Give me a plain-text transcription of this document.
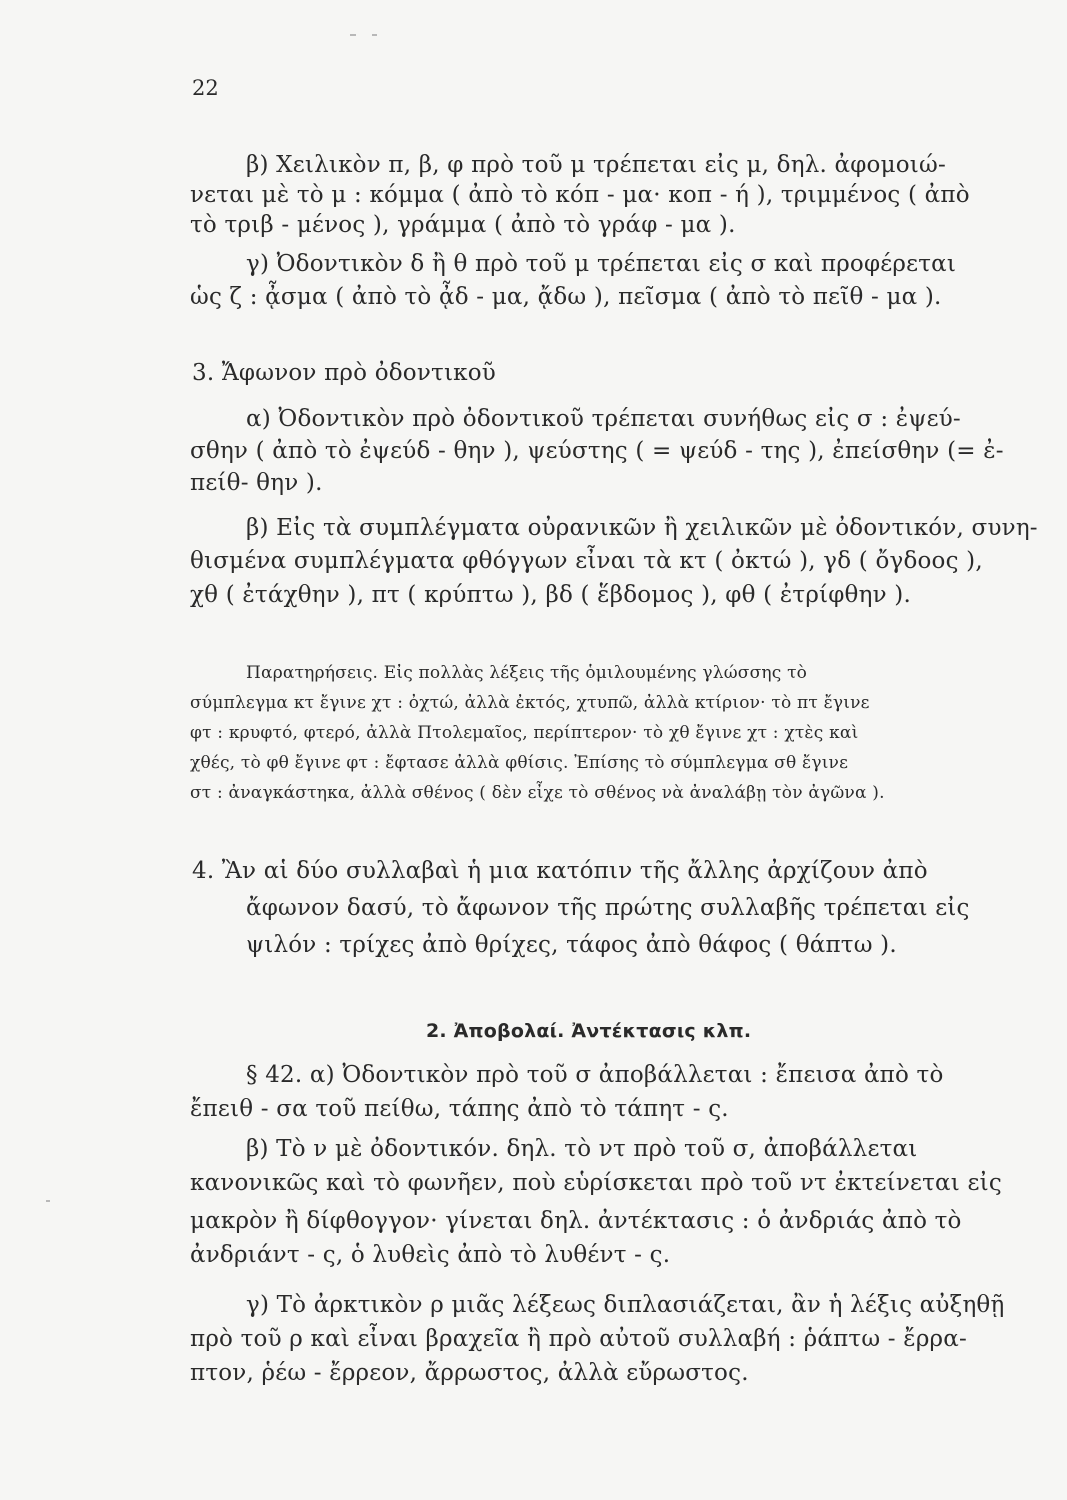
22
β) Χειλικὸν π, β, φ πρὸ τοῦ μ τρέπεται εἰς μ, δηλ. ἀφομοιώ-
νεται μὲ τὸ μ : κόμμα ( ἀπὸ τὸ κόπ - μα· κοπ - ή ), τριμμένος ( ἀπὸ
τὸ τριβ - μένος ), γράμμα ( ἀπὸ τὸ γράφ - μα ).
γ) Ὀδοντικὸν δ ἢ θ πρὸ τοῦ μ τρέπεται εἰς σ καὶ προφέρεται
ὡς ζ : ᾆσμα ( ἀπὸ τὸ ᾆδ - μα, ᾄδω ), πεῖσμα ( ἀπὸ τὸ πεῖθ - μα ).
3. Ἄφωνον πρὸ ὀδοντικοῦ
α) Ὀδοντικὸν πρὸ ὀδοντικοῦ τρέπεται συνήθως εἰς σ : ἐψεύ-
σθην ( ἀπὸ τὸ ἐψεύδ - θην ), ψεύστης ( = ψεύδ - της ), ἐπείσθην (= ἐ-
πείθ- θην ).
β) Εἰς τὰ συμπλέγματα οὐρανικῶν ἢ χειλικῶν μὲ ὀδοντικόν, συνη-
θισμένα συμπλέγματα φθόγγων εἶναι τὰ κτ ( ὀκτώ ), γδ ( ὄγδοος ),
χθ ( ἐτάχθην ), πτ ( κρύπτω ), βδ ( ἕβδομος ), φθ ( ἐτρίφθην ).
Παρατηρήσεις. Εἰς πολλὰς λέξεις τῆς ὁμιλουμένης γλώσσης τὸ
σύμπλεγμα κτ ἔγινε χτ : ὀχτώ, ἀλλὰ ἐκτός, χτυπῶ, ἀλλὰ κτίριον· τὸ πτ ἔγινε
φτ : κρυφτό, φτερό, ἀλλὰ Πτολεμαῖος, περίπτερον· τὸ χθ ἔγινε χτ : χτὲς καὶ
χθές, τὸ φθ ἔγινε φτ : ἔφτασε ἀλλὰ φθίσις. Ἐπίσης τὸ σύμπλεγμα σθ ἔγινε
στ : ἀναγκάστηκα, ἀλλὰ σθένος ( δὲν εἶχε τὸ σθένος νὰ ἀναλάβῃ τὸν ἀγῶνα ).
4. Ἂν αἱ δύο συλλαβαὶ ἡ μια κατόπιν τῆς ἄλλης ἀρχίζουν ἀπὸ
ἄφωνον δασύ, τὸ ἄφωνον τῆς πρώτης συλλαβῆς τρέπεται εἰς
ψιλόν : τρίχες ἀπὸ θρίχες, τάφος ἀπὸ θάφος ( θάπτω ).
2. Ἀποβολαί. Ἀντέκτασις κλπ.
§ 42. α) Ὀδοντικὸν πρὸ τοῦ σ ἀποβάλλεται : ἔπεισα ἀπὸ τὸ
ἔπειθ - σα τοῦ πείθω, τάπης ἀπὸ τὸ τάπητ - ς.
β) Τὸ ν μὲ ὀδοντικόν. δηλ. τὸ ντ πρὸ τοῦ σ, ἀποβάλλεται
κανονικῶς καὶ τὸ φωνῆεν, ποὺ εὑρίσκεται πρὸ τοῦ ντ ἐκτείνεται εἰς
μακρὸν ἢ δίφθογγον· γίνεται δηλ. ἀντέκτασις : ὁ ἀνδριάς ἀπὸ τὸ
ἀνδριάντ - ς, ὁ λυθεὶς ἀπὸ τὸ λυθέντ - ς.
γ) Τὸ ἀρκτικὸν ρ μιᾶς λέξεως διπλασιάζεται, ἂν ἡ λέξις αὐξηθῇ
πρὸ τοῦ ρ καὶ εἶναι βραχεῖα ἢ πρὸ αὐτοῦ συλλαβή : ῥάπτω - ἔρρα-
πτον, ῥέω - ἔρρεον, ἄρρωστος, ἀλλὰ εὔρωστος.
